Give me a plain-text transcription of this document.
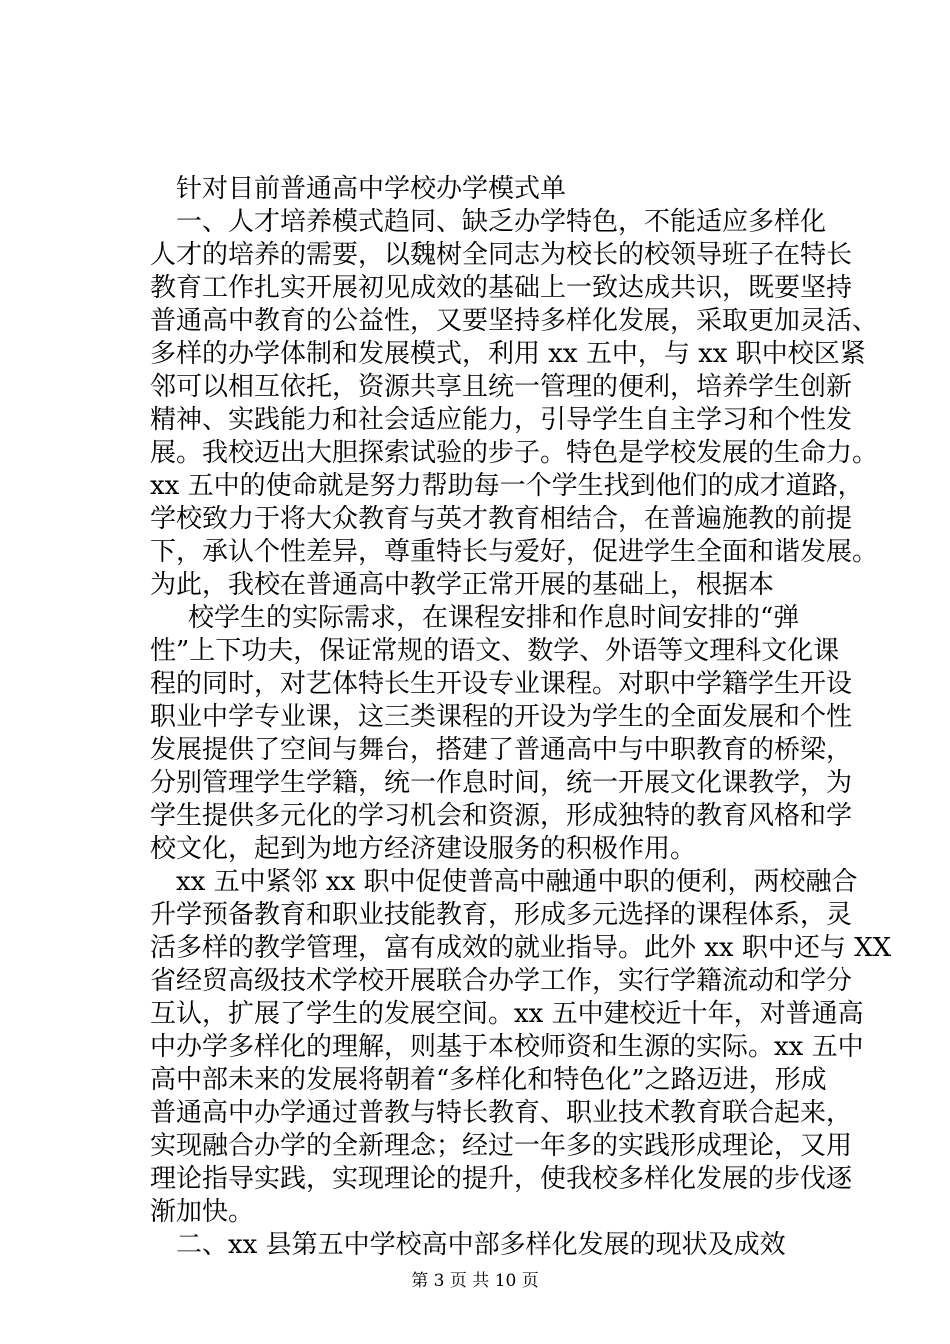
针对目前普通高中学校办学模式单
一、人才培养模式趋同、缺乏办学特色，不能适应多样化
人才的培养的需要，以魏树全同志为校长的校领导班子在特长
教育工作扎实开展初见成效的基础上一致达成共识，既要坚持
普通高中教育的公益性，又要坚持多样化发展，采取更加灵活、
多样的办学体制和发展模式，利用 xx 五中，与 xx 职中校区紧
邻可以相互依托，资源共享且统一管理的便利，培养学生创新
精神、实践能力和社会适应能力，引导学生自主学习和个性发
展。我校迈出大胆探索试验的步子。特色是学校发展的生命力。
xx 五中的使命就是努力帮助每一个学生找到他们的成才道路，
学校致力于将大众教育与英才教育相结合，在普遍施教的前提
下，承认个性差异，尊重特长与爱好，促进学生全面和谐发展。
为此，我校在普通高中教学正常开展的基础上，根据本
校学生的实际需求，在课程安排和作息时间安排的“弹
性”上下功夫，保证常规的语文、数学、外语等文理科文化课
程的同时，对艺体特长生开设专业课程。对职中学籍学生开设
职业中学专业课，这三类课程的开设为学生的全面发展和个性
发展提供了空间与舞台，搭建了普通高中与中职教育的桥梁，
分别管理学生学籍，统一作息时间，统一开展文化课教学，为
学生提供多元化的学习机会和资源，形成独特的教育风格和学
校文化，起到为地方经济建设服务的积极作用。
xx 五中紧邻 xx 职中促使普高中融通中职的便利，两校融合
升学预备教育和职业技能教育，形成多元选择的课程体系，灵
活多样的教学管理，富有成效的就业指导。此外 xx 职中还与 XX
省经贸高级技术学校开展联合办学工作，实行学籍流动和学分
互认，扩展了学生的发展空间。xx 五中建校近十年，对普通高
中办学多样化的理解，则基于本校师资和生源的实际。xx 五中
高中部未来的发展将朝着“多样化和特色化”之路迈进，形成
普通高中办学通过普教与特长教育、职业技术教育联合起来，
实现融合办学的全新理念；经过一年多的实践形成理论，又用
理论指导实践，实现理论的提升，使我校多样化发展的步伐逐
渐加快。
二、xx 县第五中学校高中部多样化发展的现状及成效
第 3 页 共 10 页
